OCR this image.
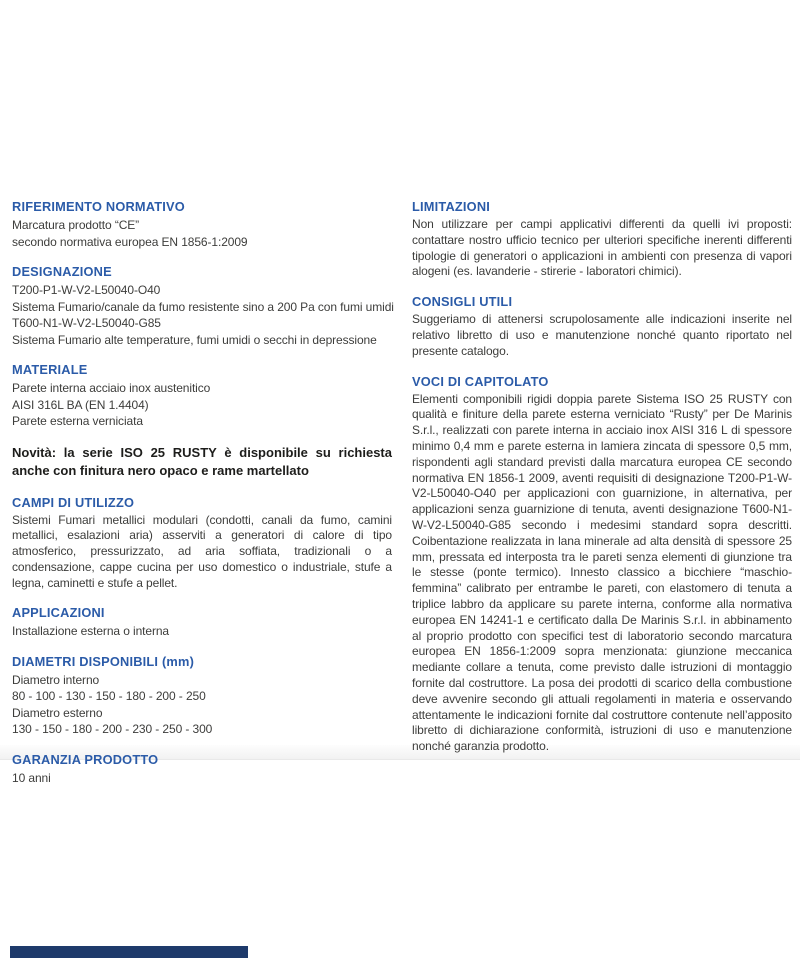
RIFERIMENTO NORMATIVO
Marcatura prodotto “CE”
secondo normativa europea EN 1856-1:2009
DESIGNAZIONE
T200-P1-W-V2-L50040-O40
Sistema Fumario/canale da fumo resistente sino a 200 Pa con fumi umidi
T600-N1-W-V2-L50040-G85
Sistema Fumario alte temperature, fumi umidi o secchi in depressione
MATERIALE
Parete interna acciaio inox austenitico
AISI 316L BA (EN 1.4404)
Parete esterna verniciata

Novità: la serie ISO 25 RUSTY è disponibile su richiesta anche con finitura nero opaco e rame martellato

CAMPI DI UTILIZZO

Sistemi Fumari metallici modulari (condotti, canali da fumo, camini metallici, esalazioni aria) asserviti a generatori di calore di tipo atmosferico, pressurizzato, ad aria soffiata, tradizionali o a condensazione, cappe cucina per uso domestico o industriale, stufe a legna, caminetti e stufe a pellet.

APPLICAZIONI
Installazione esterna o interna
DIAMETRI DISPONIBILI (mm)
Diametro interno
80 - 100 - 130 - 150 - 180 - 200 - 250
Diametro esterno
130 - 150 - 180 - 200 - 230 - 250 - 300
GARANZIA PRODOTTO
10 anni
LIMITAZIONI

Non utilizzare per campi applicativi differenti da quelli ivi proposti: contattare nostro ufficio tecnico per ulteriori specifiche inerenti differenti tipologie di generatori o applicazioni in ambienti con presenza di vapori alogeni (es. lavanderie - stirerie - laboratori chimici).

CONSIGLI UTILI

Suggeriamo di attenersi scrupolosamente alle indicazioni inserite nel relativo libretto di uso e manutenzione nonché quanto riportato nel presente catalogo.

VOCI DI CAPITOLATO

Elementi componibili rigidi doppia parete Sistema ISO 25 RUSTY con qualità e finiture della parete esterna verniciato “Rusty” per De Marinis S.r.l., realizzati con parete interna in acciaio inox AISI 316 L di spessore minimo 0,4 mm e parete esterna in lamiera zincata di spessore 0,5 mm, rispondenti agli standard previsti dalla marcatura europea CE secondo normativa EN 1856-1 2009, aventi requisiti di designazione T200-P1-W-V2-L50040-O40 per applicazioni con guarnizione, in alternativa, per applicazioni senza guarnizione di tenuta, aventi designazione T600-N1-W-V2-L50040-G85 secondo i medesimi standard sopra descritti. Coibentazione realizzata in lana minerale ad alta densità di spessore 25 mm, pressata ed interposta tra le pareti senza elementi di giunzione tra le stesse (ponte termico). Innesto classico a bicchiere “maschio-femmina” calibrato per entrambe le pareti, con elastomero di tenuta a triplice labbro da applicare su parete interna, conforme alla normativa europea EN 14241-1 e certificato dalla De Marinis S.r.l. in abbinamento al proprio prodotto con specifici test di laboratorio secondo marcatura europea EN 1856-1:2009 sopra menzionata: giunzione meccanica mediante collare a tenuta, come previsto dalle istruzioni di montaggio fornite dal costruttore. La posa dei prodotti di scarico della combustione deve avvenire secondo gli attuali regolamenti in materia e osservando attentamente le indicazioni fornite dal costruttore contenute nell’apposito libretto di dichiarazione conformità, istruzioni di uso e manutenzione nonché garanzia prodotto.
